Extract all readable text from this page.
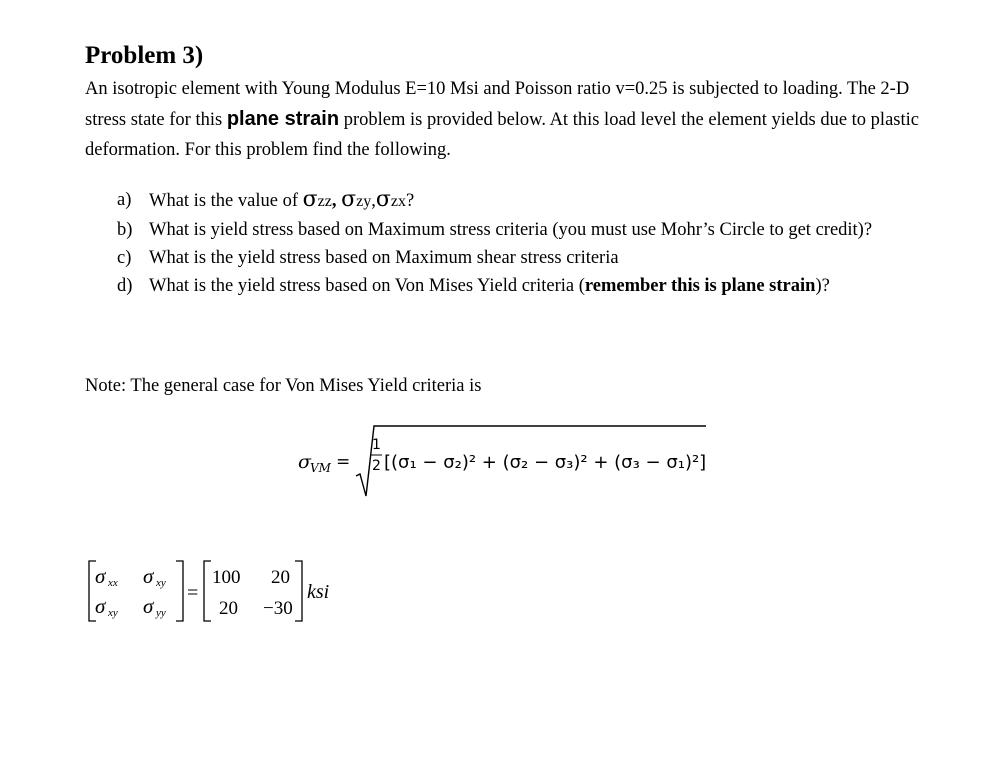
Problem 3)
An isotropic element with Young Modulus E=10 Msi and Poisson ratio v=0.25 is subjected to loading. The 2-D stress state for this plane strain problem is provided below. At this load level the element yields due to plastic deformation. For this problem find the following.
a) What is the value of σzz, σzy,σzx?
b) What is yield stress based on Maximum stress criteria (you must use Mohr’s Circle to get credit)?
c) What is the yield stress based on Maximum shear stress criteria
d) What is the yield stress based on Von Mises Yield criteria (remember this is plane strain)?
Note: The general case for Von Mises Yield criteria is
σ VM =
1
2 [(σ₁ − σ₂)² + (σ₂ − σ₃)² + (σ₃ − σ₁)²]
σ xx σ xy
σ xy σ yy
=
100 20
20 −30
ksi
